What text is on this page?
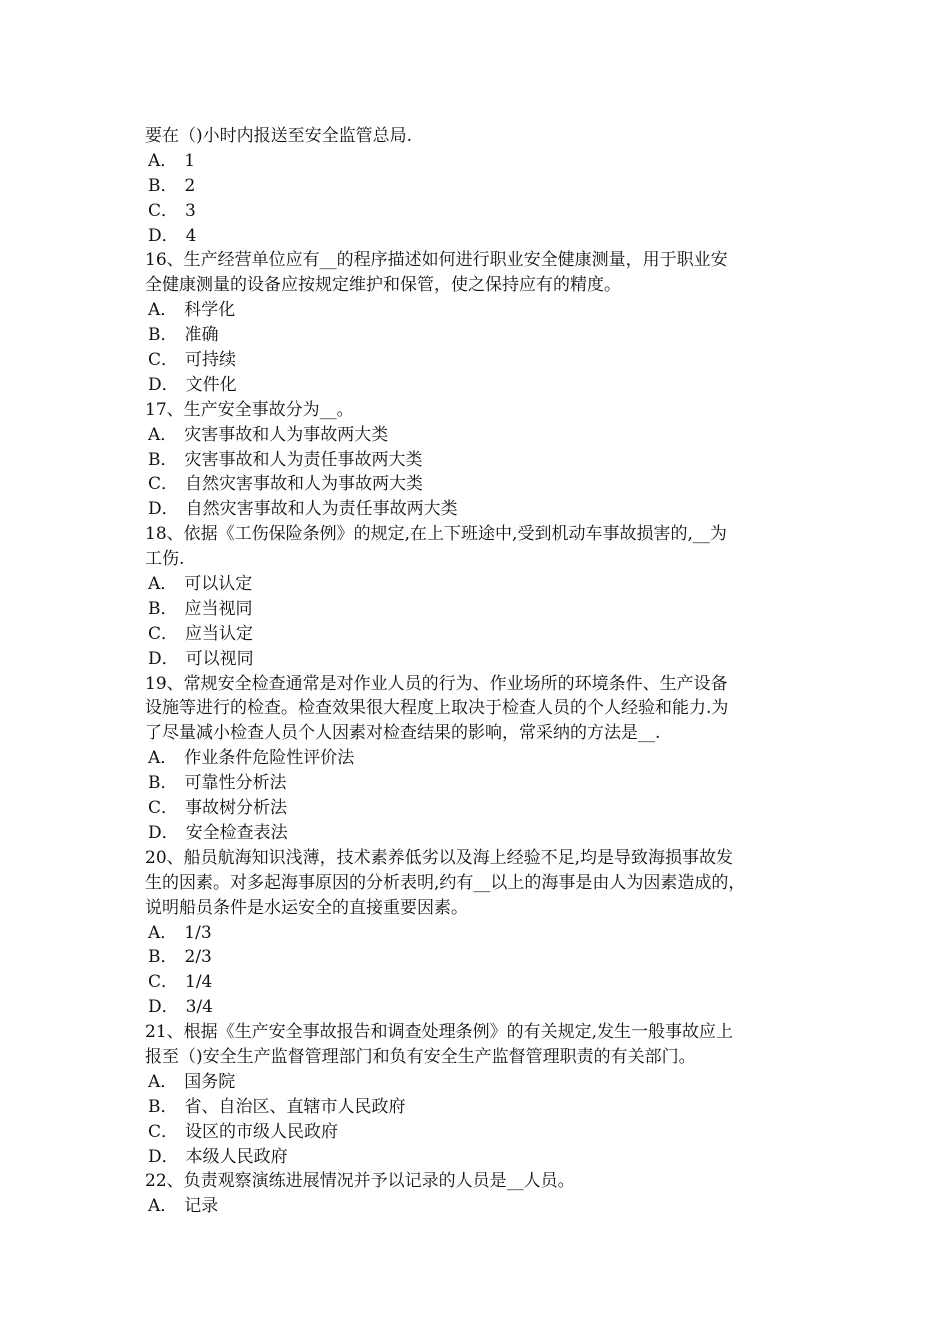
要在（)小时内报送至安全监管总局.
A． 1
B． 2
C． 3
D． 4
16、生产经营单位应有__的程序描述如何进行职业安全健康测量，用于职业安
全健康测量的设备应按规定维护和保管，使之保持应有的精度。
A． 科学化
B． 准确
C． 可持续
D． 文件化
17、生产安全事故分为__。
A． 灾害事故和人为事故两大类
B． 灾害事故和人为责任事故两大类
C． 自然灾害事故和人为事故两大类
D． 自然灾害事故和人为责任事故两大类
18、依据《工伤保险条例》的规定,在上下班途中,受到机动车事故损害的,__为
工伤.
A． 可以认定
B． 应当视同
C． 应当认定
D． 可以视同
19、常规安全检查通常是对作业人员的行为、作业场所的环境条件、生产设备
设施等进行的检查。检查效果很大程度上取决于检查人员的个人经验和能力.为
了尽量减小检查人员个人因素对检查结果的影响，常采纳的方法是__.
A． 作业条件危险性评价法
B． 可靠性分析法
C． 事故树分析法
D． 安全检查表法
20、船员航海知识浅薄，技术素养低劣以及海上经验不足,均是导致海损事故发
生的因素。对多起海事原因的分析表明,约有__以上的海事是由人为因素造成的，
说明船员条件是水运安全的直接重要因素。
A． 1/3
B． 2/3
C． 1/4
D． 3/4
21、根据《生产安全事故报告和调查处理条例》的有关规定,发生一般事故应上
报至（)安全生产监督管理部门和负有安全生产监督管理职责的有关部门。
A． 国务院
B． 省、自治区、直辖市人民政府
C． 设区的市级人民政府
D． 本级人民政府
22、负责观察演练进展情况并予以记录的人员是__人员。
A． 记录
